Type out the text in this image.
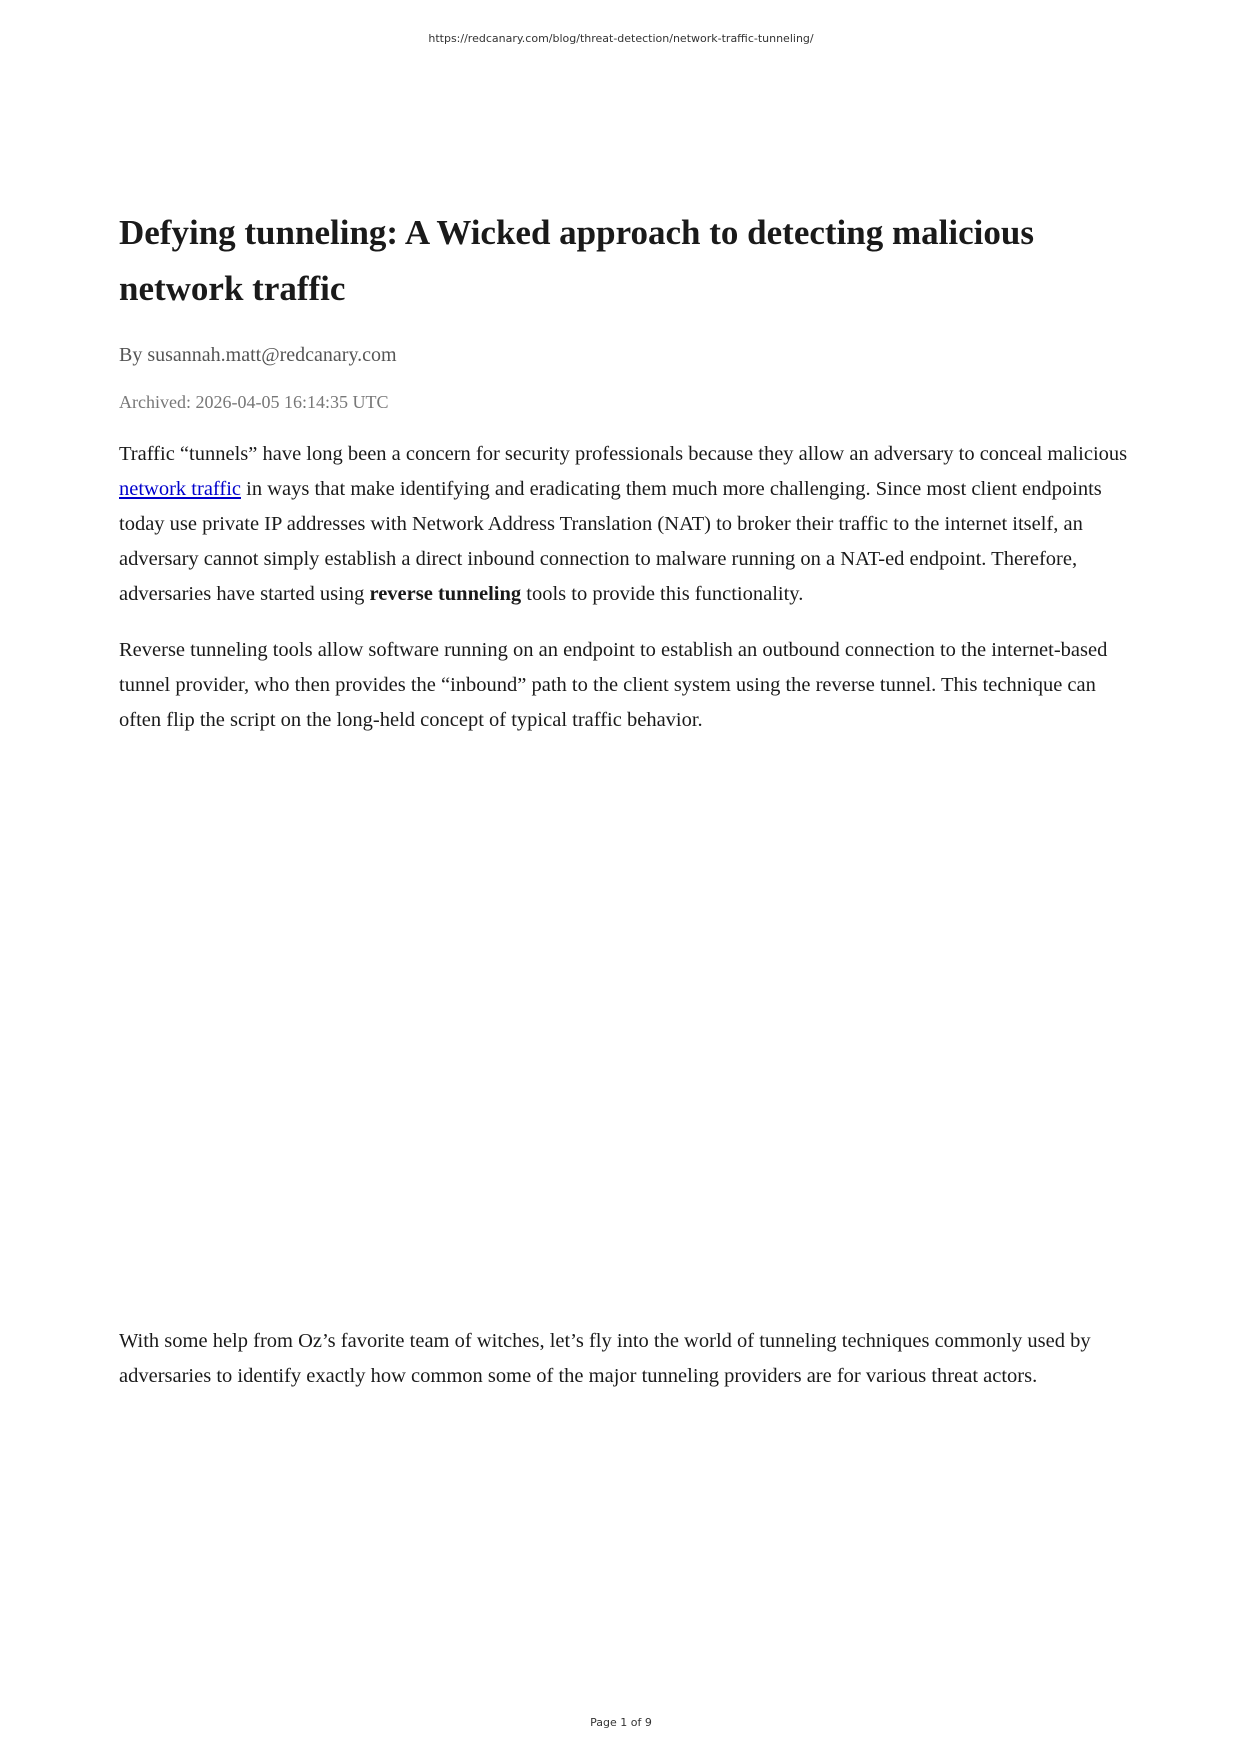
https://redcanary.com/blog/threat-detection/network-traffic-tunneling/
Defying tunneling: A Wicked approach to detecting malicious network traffic

By susannah.matt@redcanary.com

Archived: 2026-04-05 16:14:35 UTC

Traffic “tunnels” have long been a concern for security professionals because they allow an adversary to conceal malicious network traffic in ways that make identifying and eradicating them much more challenging. Since most client endpoints today use private IP addresses with Network Address Translation (NAT) to broker their traffic to the internet itself, an adversary cannot simply establish a direct inbound connection to malware running on a NAT-ed endpoint. Therefore, adversaries have started using reverse tunneling tools to provide this functionality.

Reverse tunneling tools allow software running on an endpoint to establish an outbound connection to the internet-based tunnel provider, who then provides the “inbound” path to the client system using the reverse tunnel. This technique can often flip the script on the long-held concept of typical traffic behavior.

With some help from Oz’s favorite team of witches, let’s fly into the world of tunneling techniques commonly used by adversaries to identify exactly how common some of the major tunneling providers are for various threat actors.

Page 1 of 9
